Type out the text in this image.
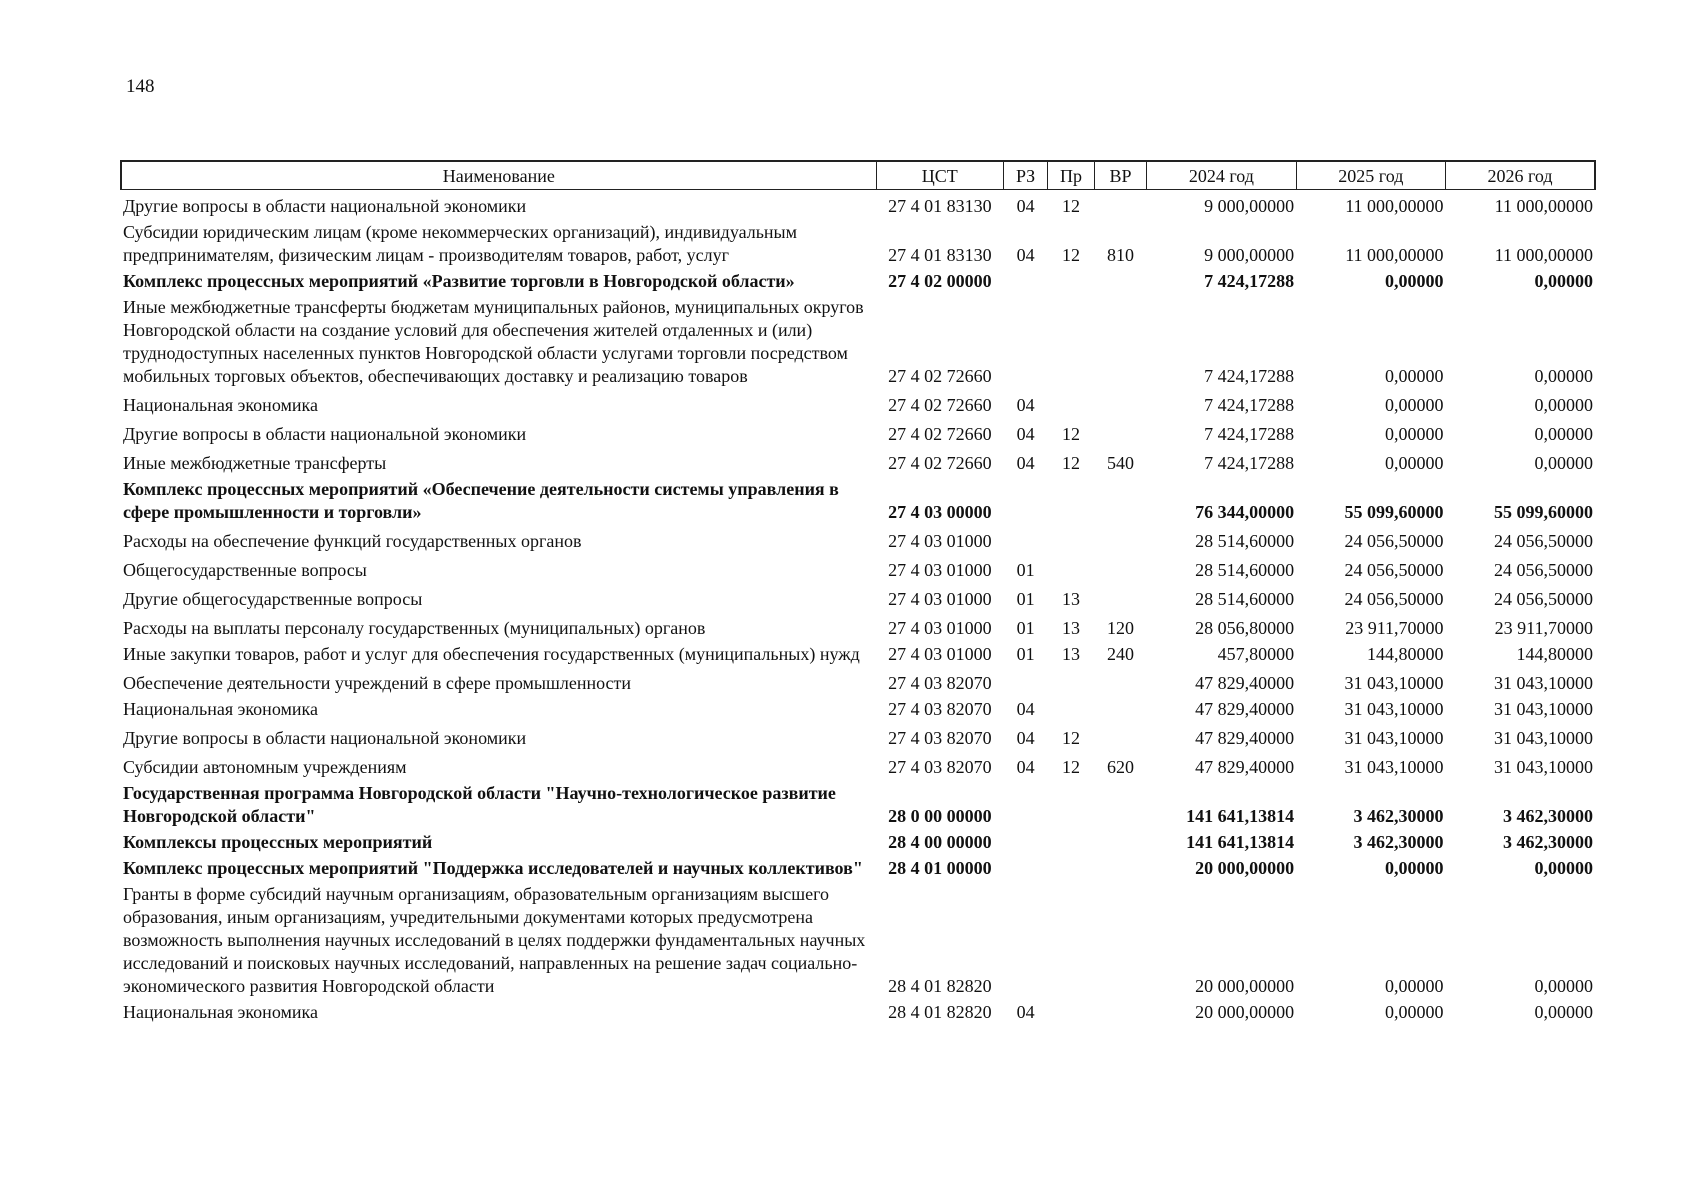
148
Наименование	ЦСТ	РЗ	Пр	ВР	2024 год	2025 год	2026 год
Другие вопросы в области национальной экономики	27 4 01 83130	04	12		9 000,00000	11 000,00000	11 000,00000
Субсидии юридическим лицам (кроме некоммерческих организаций), индивидуальным предпринимателям, физическим лицам - производителям товаров, работ, услуг	27 4 01 83130	04	12	810	9 000,00000	11 000,00000	11 000,00000
Комплекс процессных мероприятий «Развитие торговли в Новгородской области»	27 4 02 00000				7 424,17288	0,00000	0,00000
Иные межбюджетные трансферты бюджетам муниципальных районов, муниципальных округов Новгородской области на создание условий для обеспечения жителей отдаленных и (или) труднодоступных населенных пунктов Новгородской области услугами торговли посредством мобильных торговых объектов, обеспечивающих доставку и реализацию товаров	27 4 02 72660				7 424,17288	0,00000	0,00000
Национальная экономика	27 4 02 72660	04			7 424,17288	0,00000	0,00000
Другие вопросы в области национальной экономики	27 4 02 72660	04	12		7 424,17288	0,00000	0,00000
Иные межбюджетные трансферты	27 4 02 72660	04	12	540	7 424,17288	0,00000	0,00000
Комплекс процессных мероприятий «Обеспечение деятельности системы управления в сфере промышленности и торговли»	27 4 03 00000				76 344,00000	55 099,60000	55 099,60000
Расходы на обеспечение функций государственных органов	27 4 03 01000				28 514,60000	24 056,50000	24 056,50000
Общегосударственные вопросы	27 4 03 01000	01			28 514,60000	24 056,50000	24 056,50000
Другие общегосударственные вопросы	27 4 03 01000	01	13		28 514,60000	24 056,50000	24 056,50000
Расходы на выплаты персоналу государственных (муниципальных) органов	27 4 03 01000	01	13	120	28 056,80000	23 911,70000	23 911,70000
Иные закупки товаров, работ и услуг для обеспечения государственных (муниципальных) нужд	27 4 03 01000	01	13	240	457,80000	144,80000	144,80000
Обеспечение деятельности учреждений в сфере промышленности	27 4 03 82070				47 829,40000	31 043,10000	31 043,10000
Национальная экономика	27 4 03 82070	04			47 829,40000	31 043,10000	31 043,10000
Другие вопросы в области национальной экономики	27 4 03 82070	04	12		47 829,40000	31 043,10000	31 043,10000
Субсидии автономным учреждениям	27 4 03 82070	04	12	620	47 829,40000	31 043,10000	31 043,10000
Государственная программа Новгородской области "Научно-технологическое развитие Новгородской области"	28 0 00 00000				141 641,13814	3 462,30000	3 462,30000
Комплексы процессных мероприятий	28 4 00 00000				141 641,13814	3 462,30000	3 462,30000
Комплекс процессных мероприятий "Поддержка исследователей и научных коллективов"	28 4 01 00000				20 000,00000	0,00000	0,00000
Гранты в форме субсидий научным организациям, образовательным организациям высшего образования, иным организациям, учредительными документами которых предусмотрена возможность выполнения научных исследований в целях поддержки фундаментальных научных исследований и поисковых научных исследований, направленных на решение задач социально-экономического развития Новгородской области	28 4 01 82820				20 000,00000	0,00000	0,00000
Национальная экономика	28 4 01 82820	04			20 000,00000	0,00000	0,00000
